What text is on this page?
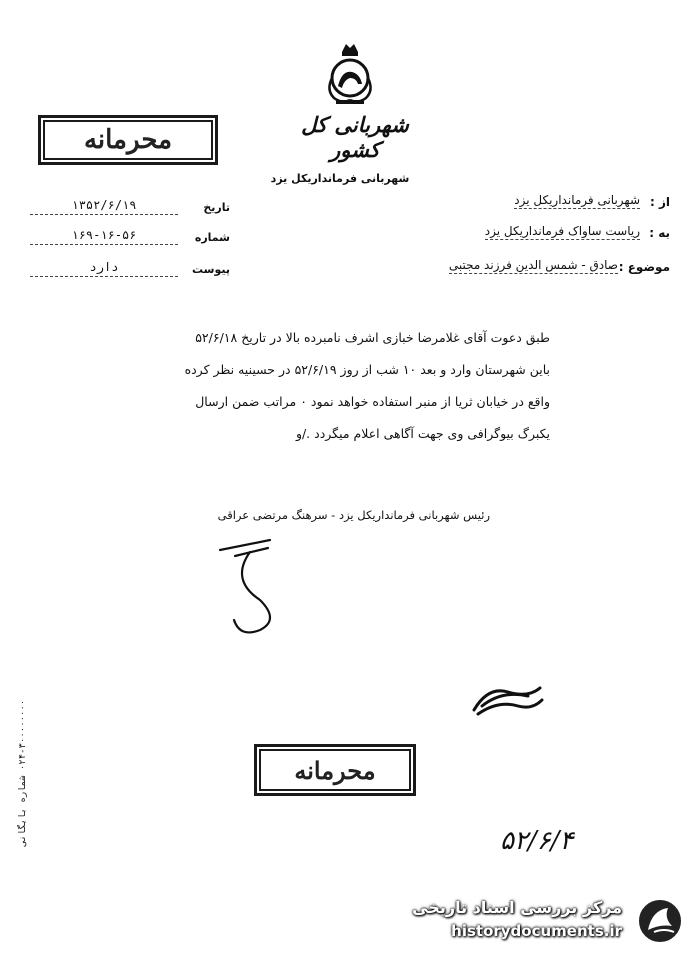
محرمانه
شهربانی کل کشور
شهربانی فرمانداریکل یزد
تاریخ
۱۳۵۲/۶/۱۹
شماره
۱۶۹-۱۶-۵۶
پیوست
دارد
از :
شهربانی فرمانداریکل یزد
به :
ریاست ساواک فرمانداریکل یزد
موضوع :
صادق - شمس الدین فرزند مجتبی
طبق دعوت آقای غلامرضا خبازی اشرف نامبرده بالا در تاریخ ۵۲/۶/۱۸
باین شهرستان وارد و بعد ۱۰ شب از روز ۵۲/۶/۱۹ در حسینیه نظر کرده
واقع در خیابان ثریا از منبر استفاده خواهد نمود ۰ مراتب ضمن ارسال
یکبرگ بیوگرافی وی جهت آگاهی اعلام میگردد ./و
رئیس شهربانی فرمانداریکل یزد - سرهنگ مرتضی عراقی
محرمانه
۰۲۴-۳۰۰۰۰۰۰۰۰ شماره بایگانی
۵۲/۶/۴
مرکز بررسی اسناد تاریخی
historydocuments.ir
